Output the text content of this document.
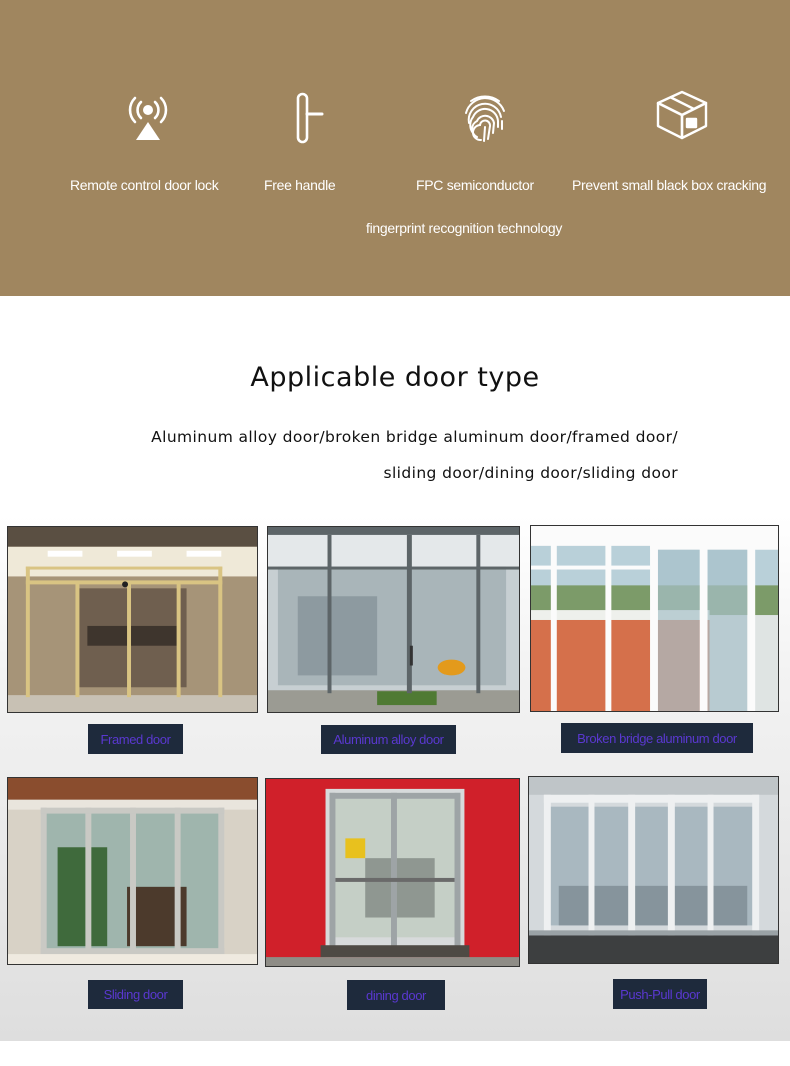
Remote control door lock	Free handle	FPC semiconductor	Prevent small black box cracking
fingerprint recognition technology
Applicable door type
Aluminum alloy door/broken bridge aluminum door/framed door/
sliding door/dining door/sliding door
Framed door	Aluminum alloy door	Broken bridge aluminum door
Sliding door	dining door	Push-Pull door
